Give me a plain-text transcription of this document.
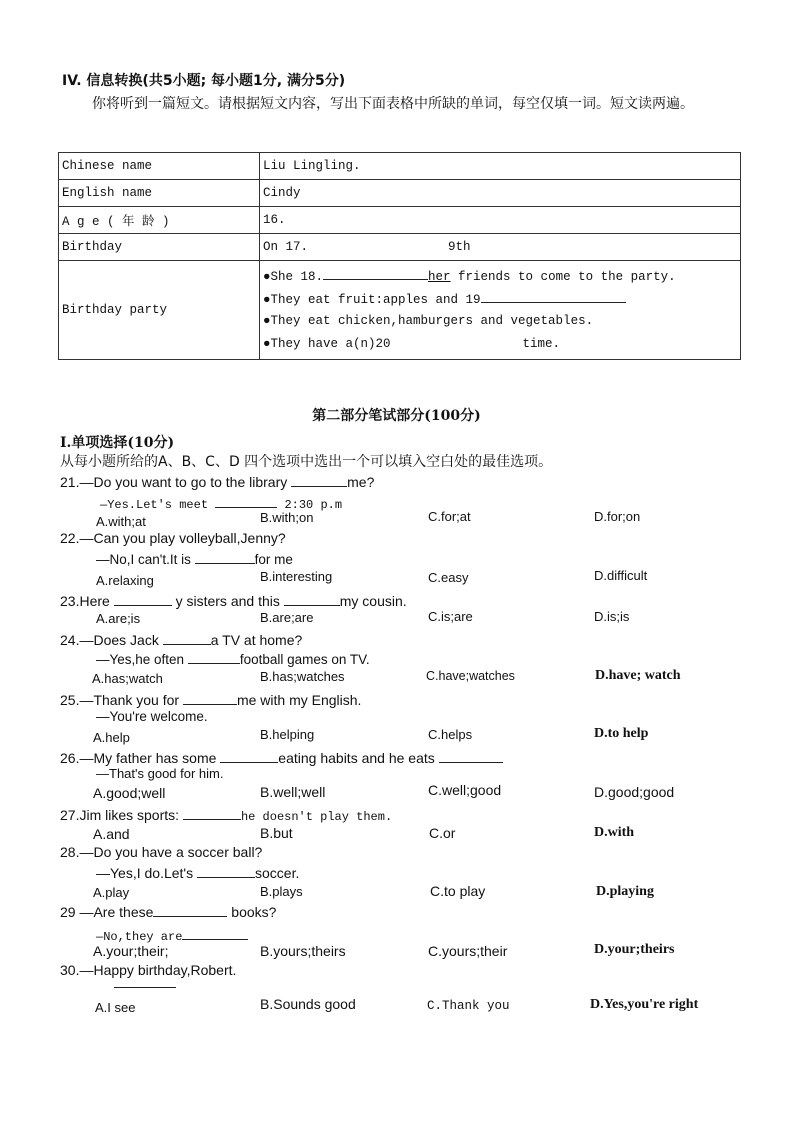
IV. 信息转换(共5小题; 每小题1分, 满分5分)
你将听到一篇短文。请根据短文内容，写出下面表格中所缺的单词，每空仅填一词。短文读两遍。
Chinese name	Liu Lingling.
English name	Cindy
A g e ( 年 龄 )	16.
Birthday	On 17. 9th
Birthday party	●She 18. her friends to come to the party.
●They eat fruit:apples and 19
●They eat chicken,hamburgers and vegetables.
●They have a(n)20 time.
第二部分笔试部分(100分)
I.单项选择(10分)
从每小题所给的A、B、C、D 四个选项中选出一个可以填入空白处的最佳选项。
21.—Do you want to go to the library	me?
—Yes.Let's meet	2:30 p.m
A.with;at	B.with;on	C.for;at	D.for;on
22.—Can you play volleyball,Jenny?
—No,I can't.It is	for me
A.relaxing	B.interesting	C.easy	D.difficult
23.Here	y sisters and this	my cousin.
A.are;is	B.are;are	C.is;are	D.is;is
24.—Does Jack	a TV at home?
—Yes,he often	football games on TV.
A.has;watch	B.has;watches	C.have;watches	D.have; watch
25.—Thank you for	me with my English.
—You're welcome.
A.help	B.helping	C.helps	D.to help
26.—My father has some	eating habits and he eats
—That's good for him.
A.good;well	B.well;well	C.well;good	D.good;good
27.Jim likes sports:	he doesn't play them.
A.and	B.but	C.or	D.with
28.—Do you have a soccer ball?
—Yes,I do.Let's	soccer.
A.play	B.plays	C.to play	D.playing
29 —Are these	books?
—No,they are
A.your;their;	B.yours;theirs	C.yours;their	D.your;theirs
30.—Happy birthday,Robert.
A.I see	B.Sounds good	C.Thank you	D.Yes,you're right
